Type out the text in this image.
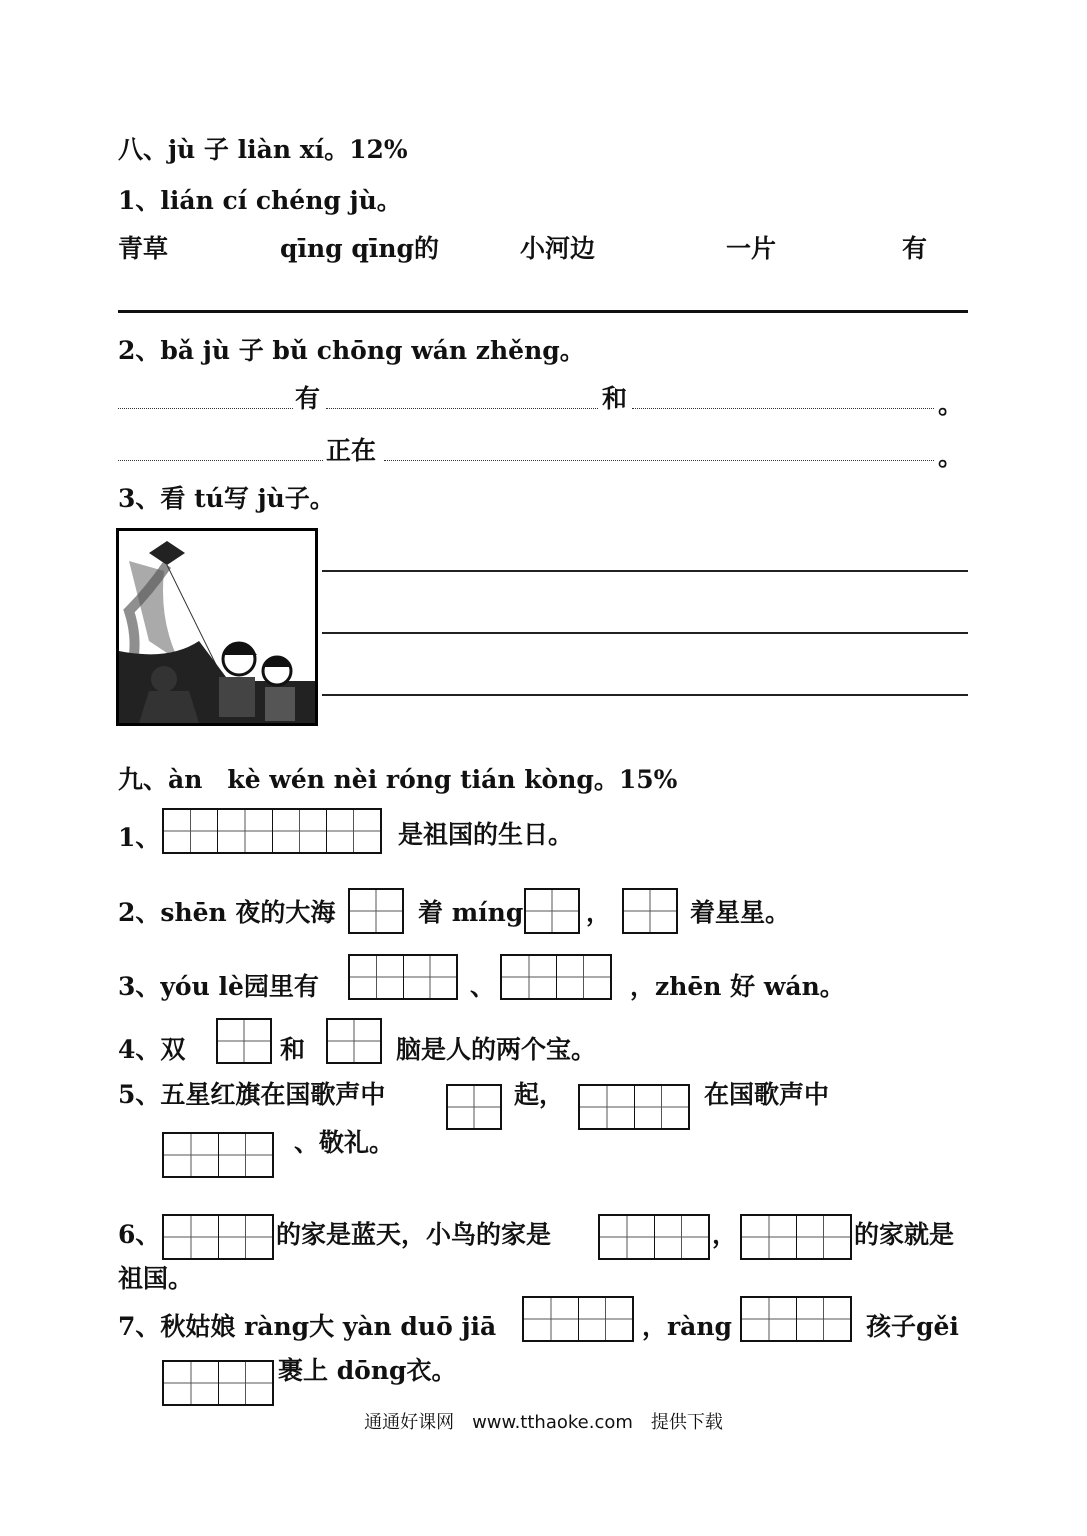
八、jù 子 liàn xí。12%
1、lián cí chéng jù。
青草	qīng qīng的	小河边	一片	有
2、bǎ jù 子 bǔ chōng wán zhěng。
有	和	。
正在	。
3、看 tú写 jù子。
九、àn　kè wén nèi róng tián kòng。15%
1、	是祖国的生日。
2、shēn 夜的大海	着 míng	，	着星星。
3、yóu lè园里有	、	，zhēn 好 wán。
4、双	和	脑是人的两个宝。
5、五星红旗在国歌声中	起，	在国歌声中
、敬礼。
6、	的家是蓝天，小鸟的家是	，	的家就是
祖国。
7、秋姑娘 ràng大 yàn duō jiā	，ràng	孩子gěi
裹上 dōng衣。
通通好课网　www.tthaoke.com　提供下载
